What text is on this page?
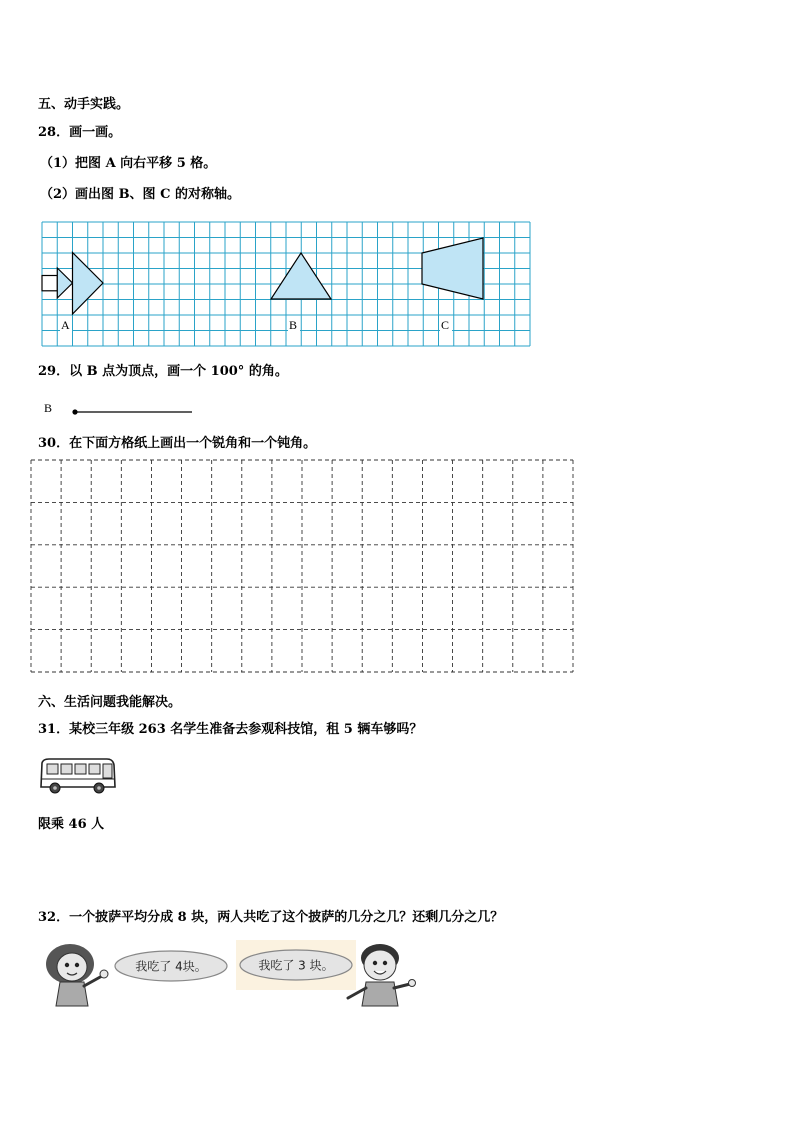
五、动手实践。
28．画一画。
（1）把图 A 向右平移 5 格。
（2）画出图 B、图 C 的对称轴。
A	B	C
29．以 B 点为顶点，画一个 100° 的角。
B
30．在下面方格纸上画出一个锐角和一个钝角。
六、生活问题我能解决。
31．某校三年级 263 名学生准备去参观科技馆，租 5 辆车够吗？
限乘 46 人
32．一个披萨平均分成 8 块，两人共吃了这个披萨的几分之几？还剩几分之几？
我吃了 4块。	我吃了 3 块。
